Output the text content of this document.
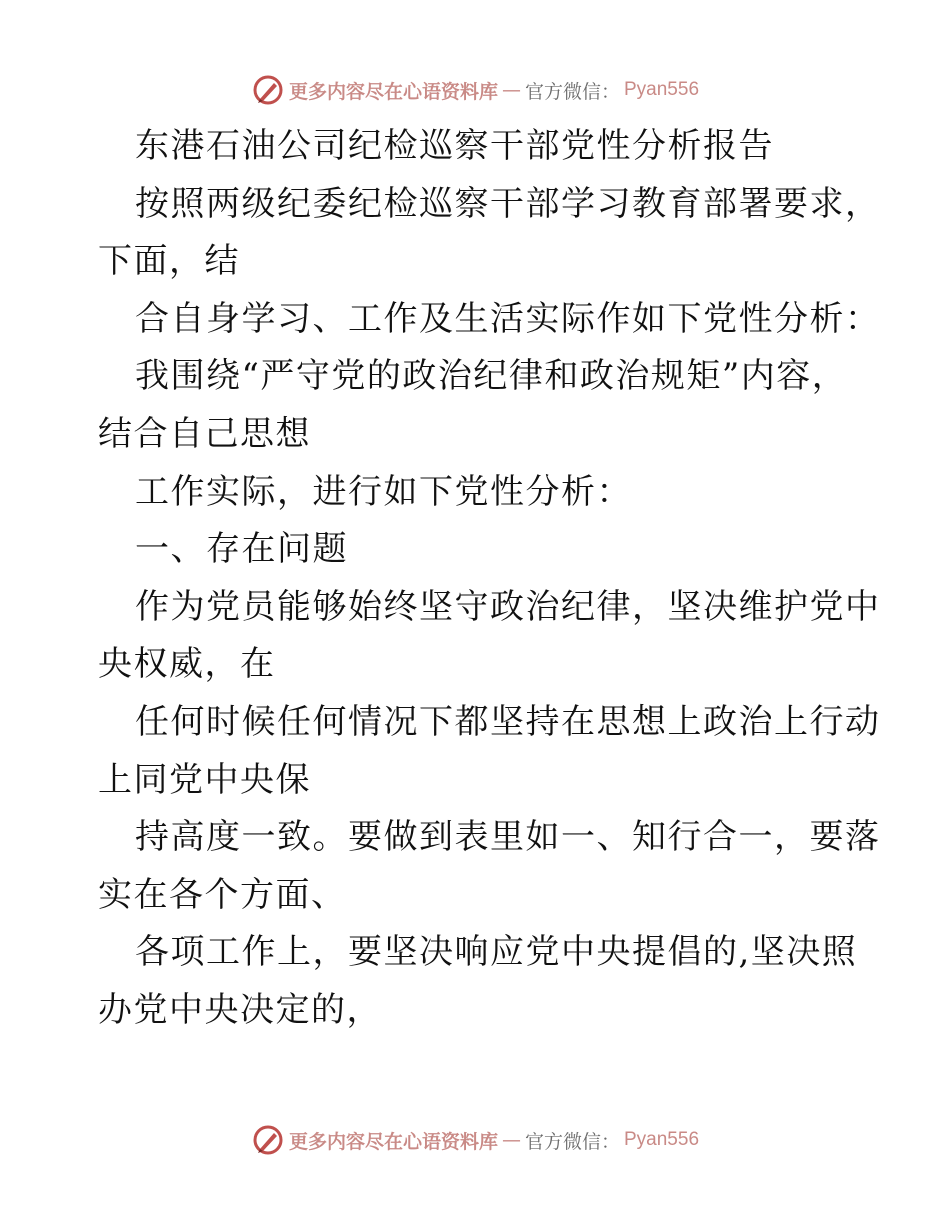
更多内容尽在心语资料库 — 官方微信： Pyan556
东港石油公司纪检巡察干部党性分析报告
按照两级纪委纪检巡察干部学习教育部署要求，
下面，结
合自身学习、工作及生活实际作如下党性分析：
我围绕“严守党的政治纪律和政治规矩”内容，
结合自己思想
工作实际，进行如下党性分析：
一、存在问题
作为党员能够始终坚守政治纪律，坚决维护党中
央权威，在
任何时候任何情况下都坚持在思想上政治上行动
上同党中央保
持高度一致。要做到表里如一、知行合一，要落
实在各个方面、
各项工作上，要坚决响应党中央提倡的,坚决照
办党中央决定的，
更多内容尽在心语资料库 — 官方微信： Pyan556
